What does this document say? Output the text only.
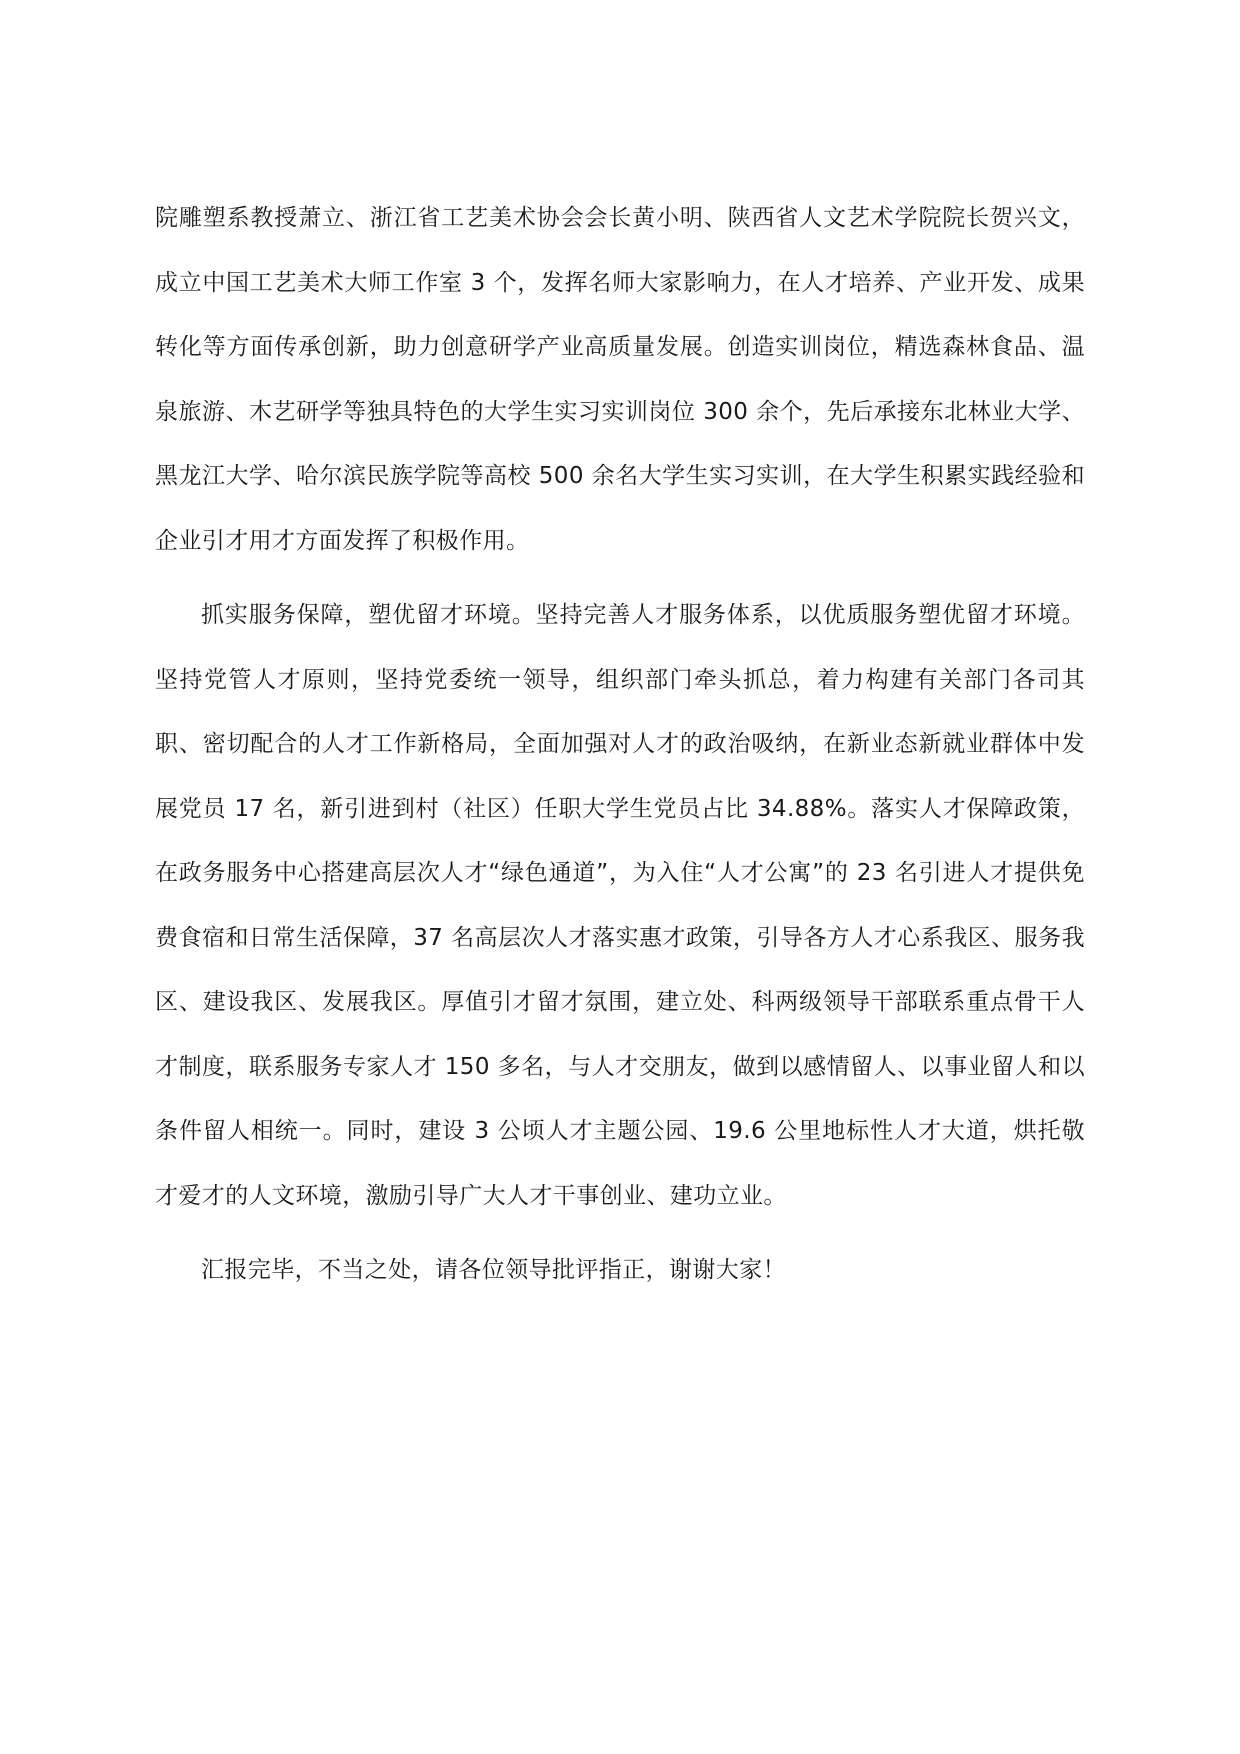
院雕塑系教授萧立、浙江省工艺美术协会会长黄小明、陕西省人文艺术学院院长贺兴文，成立中国工艺美术大师工作室 3 个，发挥名师大家影响力，在人才培养、产业开发、成果转化等方面传承创新，助力创意研学产业高质量发展。创造实训岗位，精选森林食品、温泉旅游、木艺研学等独具特色的大学生实习实训岗位 300 余个，先后承接东北林业大学、黑龙江大学、哈尔滨民族学院等高校 500 余名大学生实习实训，在大学生积累实践经验和企业引才用才方面发挥了积极作用。

抓实服务保障，塑优留才环境。坚持完善人才服务体系，以优质服务塑优留才环境。坚持党管人才原则，坚持党委统一领导，组织部门牵头抓总，着力构建有关部门各司其职、密切配合的人才工作新格局，全面加强对人才的政治吸纳，在新业态新就业群体中发展党员 17 名，新引进到村（社区）任职大学生党员占比 34.88%。落实人才保障政策，在政务服务中心搭建高层次人才“绿色通道”，为入住“人才公寓”的 23 名引进人才提供免费食宿和日常生活保障，37 名高层次人才落实惠才政策，引导各方人才心系我区、服务我区、建设我区、发展我区。厚值引才留才氛围，建立处、科两级领导干部联系重点骨干人才制度，联系服务专家人才 150 多名，与人才交朋友，做到以感情留人、以事业留人和以条件留人相统一。同时，建设 3 公顷人才主题公园、19.6 公里地标性人才大道，烘托敬才爱才的人文环境，激励引导广大人才干事创业、建功立业。

汇报完毕，不当之处，请各位领导批评指正，谢谢大家！
